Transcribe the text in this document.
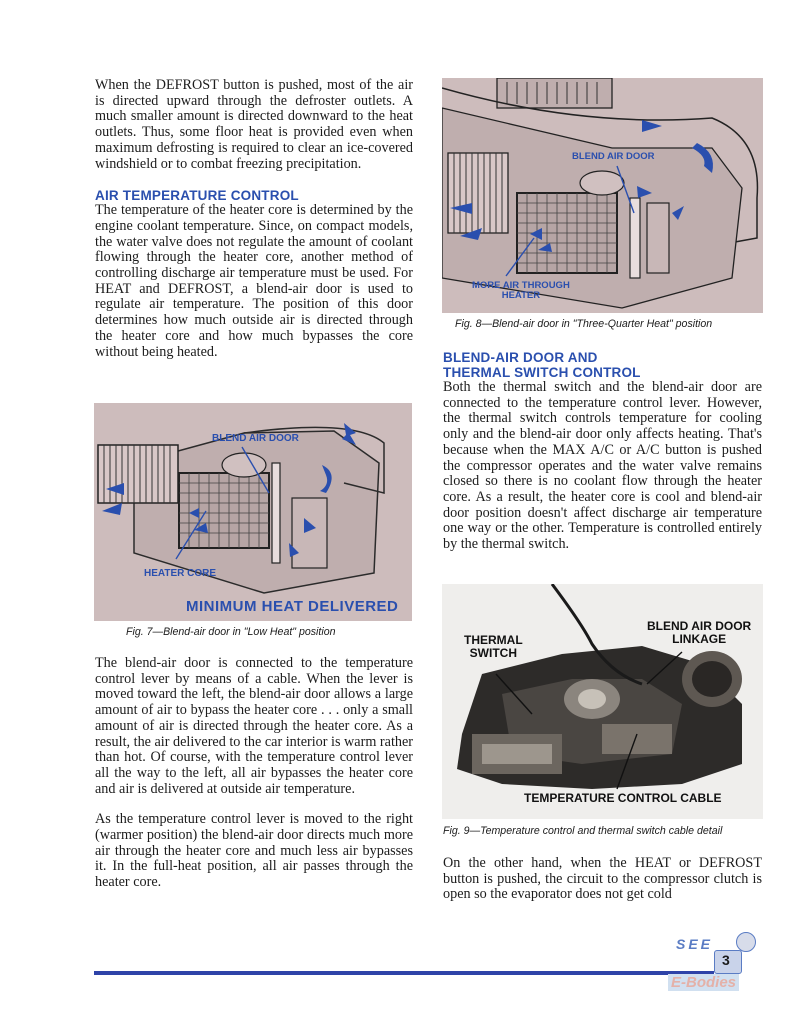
When the DEFROST button is pushed, most of the air is directed upward through the defroster outlets. A much smaller amount is directed downward to the heat outlets. Thus, some floor heat is provided even when maximum defrosting is required to clear an ice-covered windshield or to combat freezing precipitation.

AIR TEMPERATURE CONTROL

The temperature of the heater core is determined by the engine coolant temperature. Since, on compact models, the water valve does not regulate the amount of coolant flowing through the heater core, another method of controlling discharge air temperature must be used. For HEAT and DEFROST, a blend-air door is used to regulate air temperature. The position of this door determines how much outside air is directed through the heater core and how much bypasses the core without being heated.

BLEND AIR DOOR
HEATER CORE
MINIMUM HEAT DELIVERED

Fig. 7—Blend-air door in "Low Heat" position

The blend-air door is connected to the temperature control lever by means of a cable. When the lever is moved toward the left, the blend-air door allows a large amount of air to bypass the heater core . . . only a small amount of air is directed through the heater core. As a result, the air delivered to the car interior is warm rather than hot. Of course, with the temperature control lever all the way to the left, all air bypasses the heater core and air is delivered at outside air temperature.

As the temperature control lever is moved to the right (warmer position) the blend-air door directs much more air through the heater core and much less air bypasses it. In the full-heat position, all air passes through the heater core.

BLEND AIR DOOR
MORE AIR THROUGH
HEATER

Fig. 8—Blend-air door in "Three-Quarter Heat" position

BLEND-AIR DOOR AND

THERMAL SWITCH CONTROL

Both the thermal switch and the blend-air door are connected to the temperature control lever. However, the thermal switch controls temperature for cooling only and the blend-air door only affects heating. That's because when the MAX A/C or A/C button is pushed the compressor operates and the water valve remains closed so there is no coolant flow through the heater core. As a result, the heater core is cool and blend-air door position doesn't affect discharge air temperature one way or the other. Temperature is controlled entirely by the thermal switch.

THERMAL
SWITCH
BLEND AIR DOOR
LINKAGE
TEMPERATURE CONTROL CABLE

Fig. 9—Temperature control and thermal switch cable detail

On the other hand, when the HEAT or DEFROST button is pushed, the circuit to the compressor clutch is open so the evaporator does not get cold

SEE
3
E-Bodies
